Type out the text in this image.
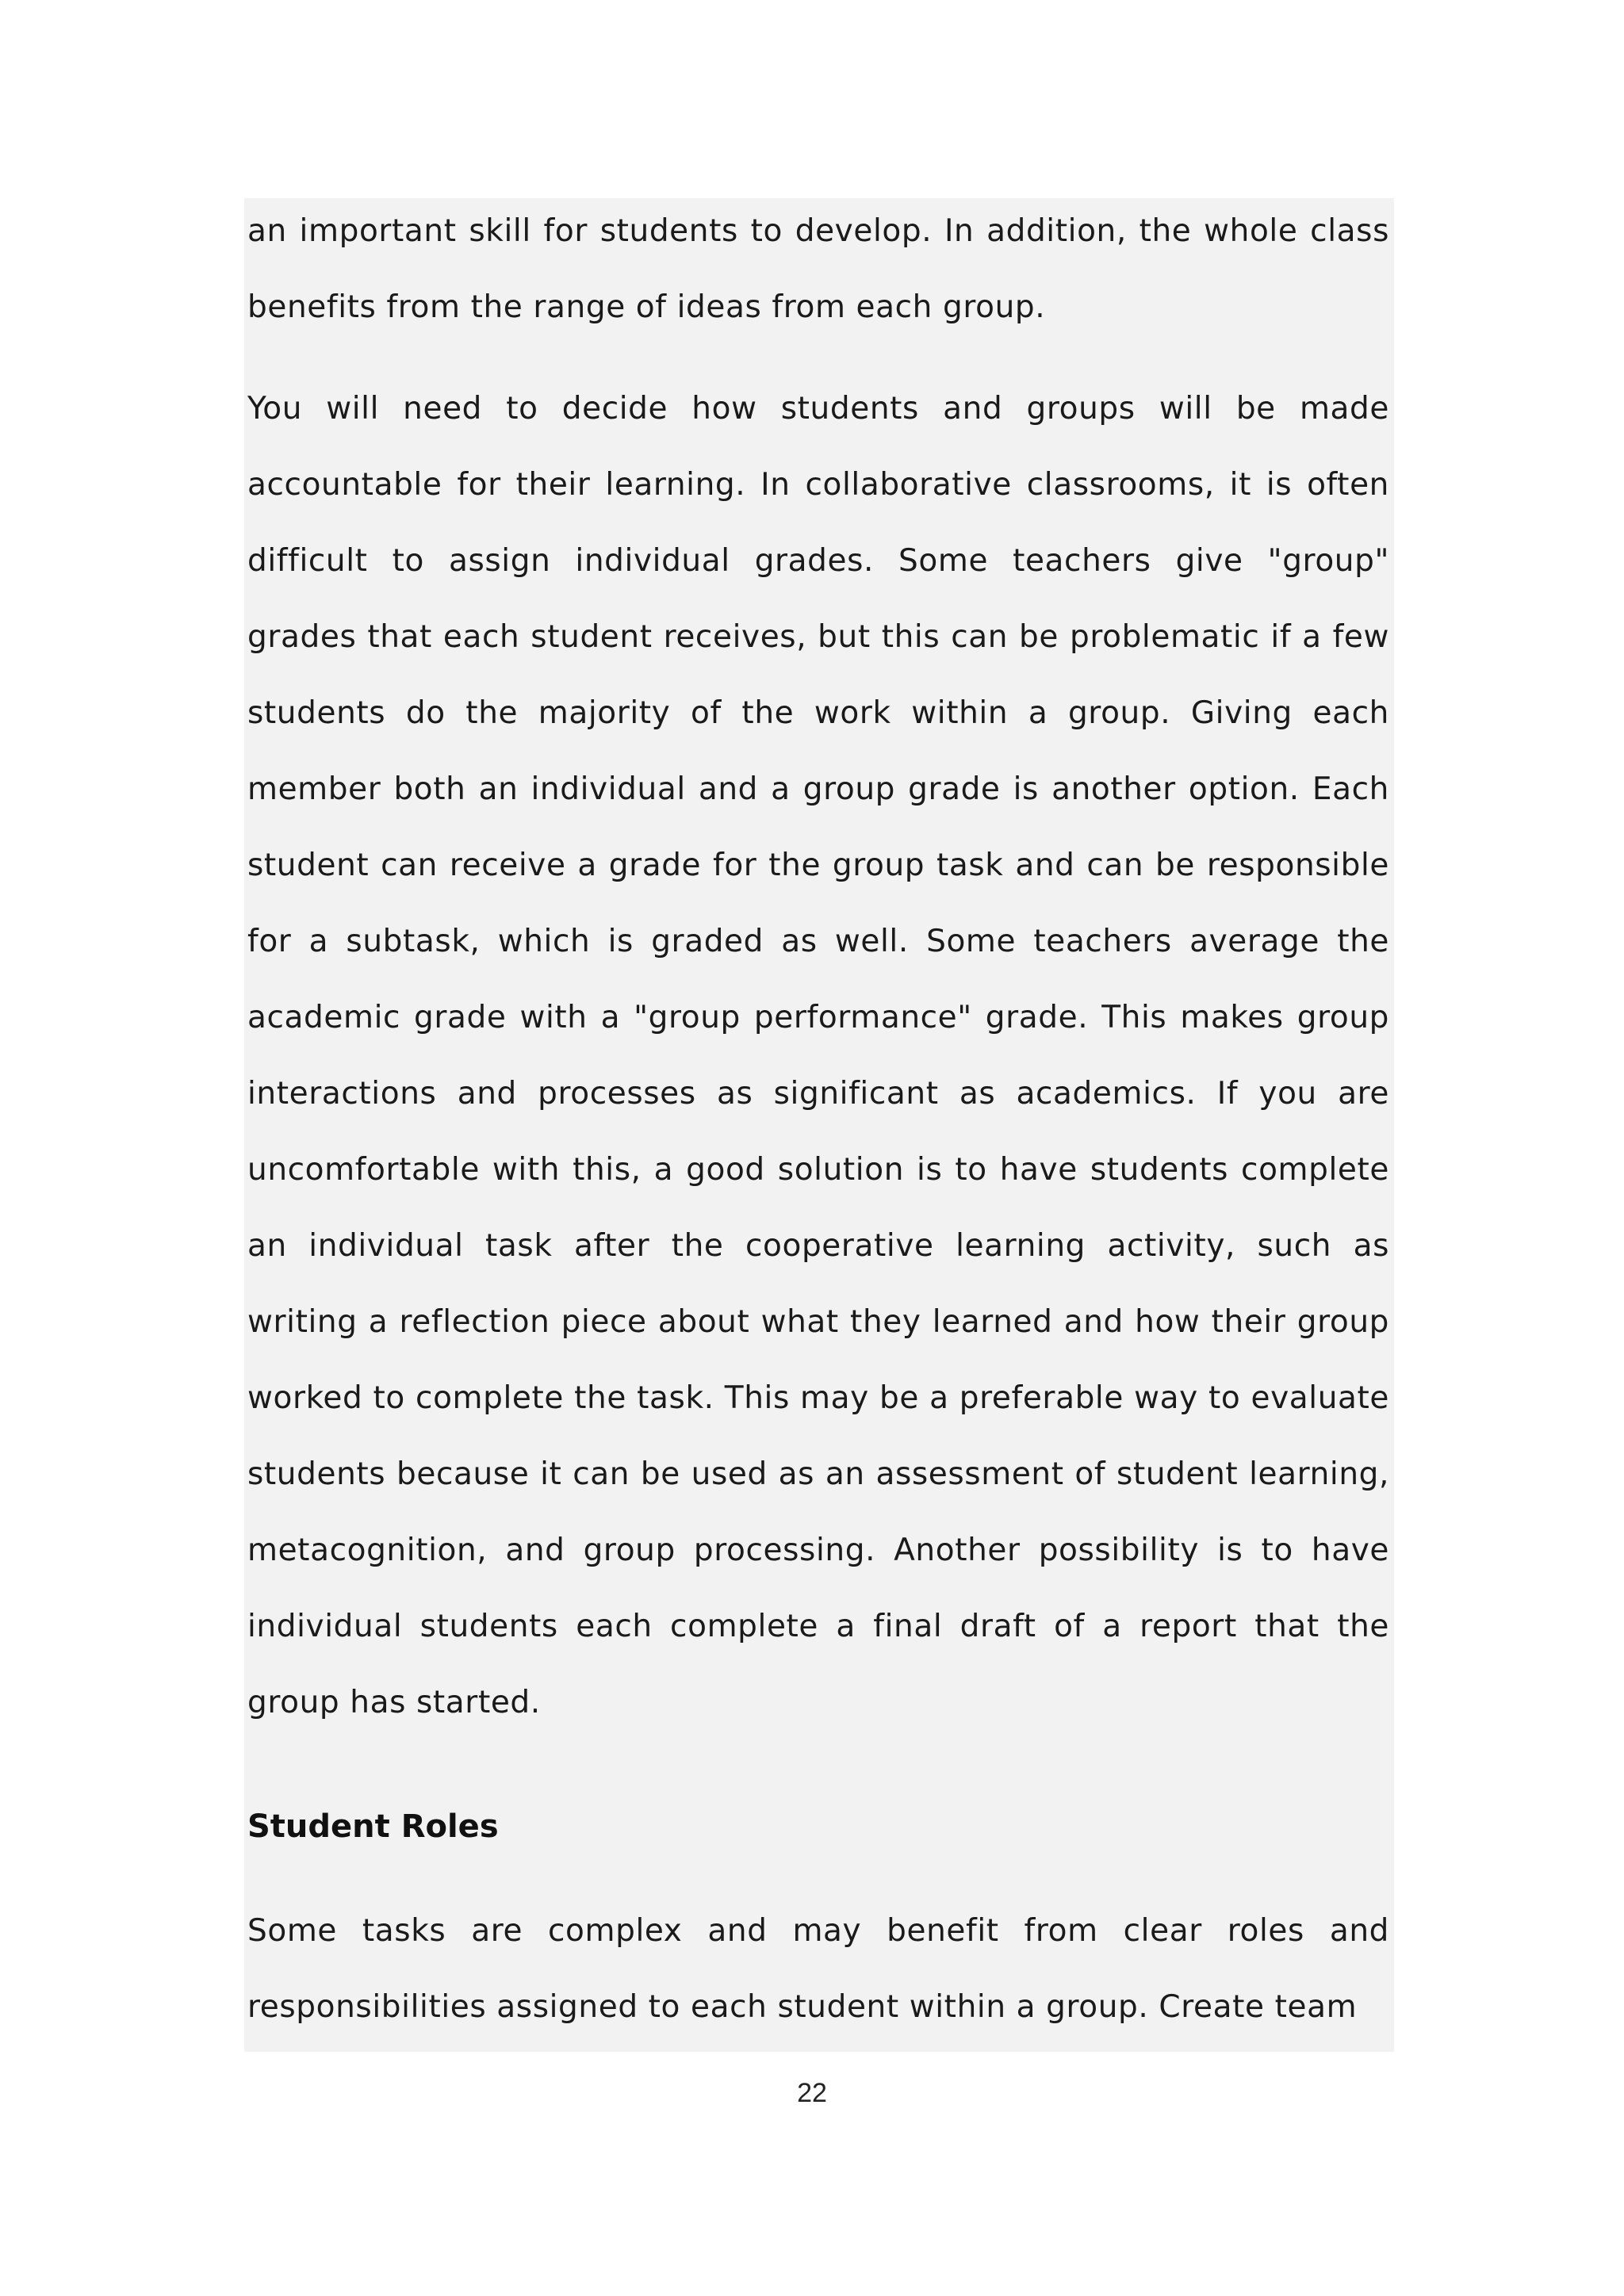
an important skill for students to develop. In addition, the whole class benefits from the range of ideas from each group.

You will need to decide how students and groups will be made accountable for their learning. In collaborative classrooms, it is often difficult to assign individual grades. Some teachers give "group" grades that each student receives, but this can be problematic if a few students do the majority of the work within a group. Giving each member both an individual and a group grade is another option. Each student can receive a grade for the group task and can be responsible for a subtask, which is graded as well. Some teachers average the academic grade with a "group performance" grade. This makes group interactions and processes as significant as academics. If you are uncomfortable with this, a good solution is to have students complete an individual task after the cooperative learning activity, such as writing a reflection piece about what they learned and how their group worked to complete the task. This may be a preferable way to evaluate students because it can be used as an assessment of student learning, metacognition, and group processing. Another possibility is to have individual students each complete a final draft of a report that the group has started.

Student Roles

Some tasks are complex and may benefit from clear roles and responsibilities assigned to each student within a group. Create team

22
